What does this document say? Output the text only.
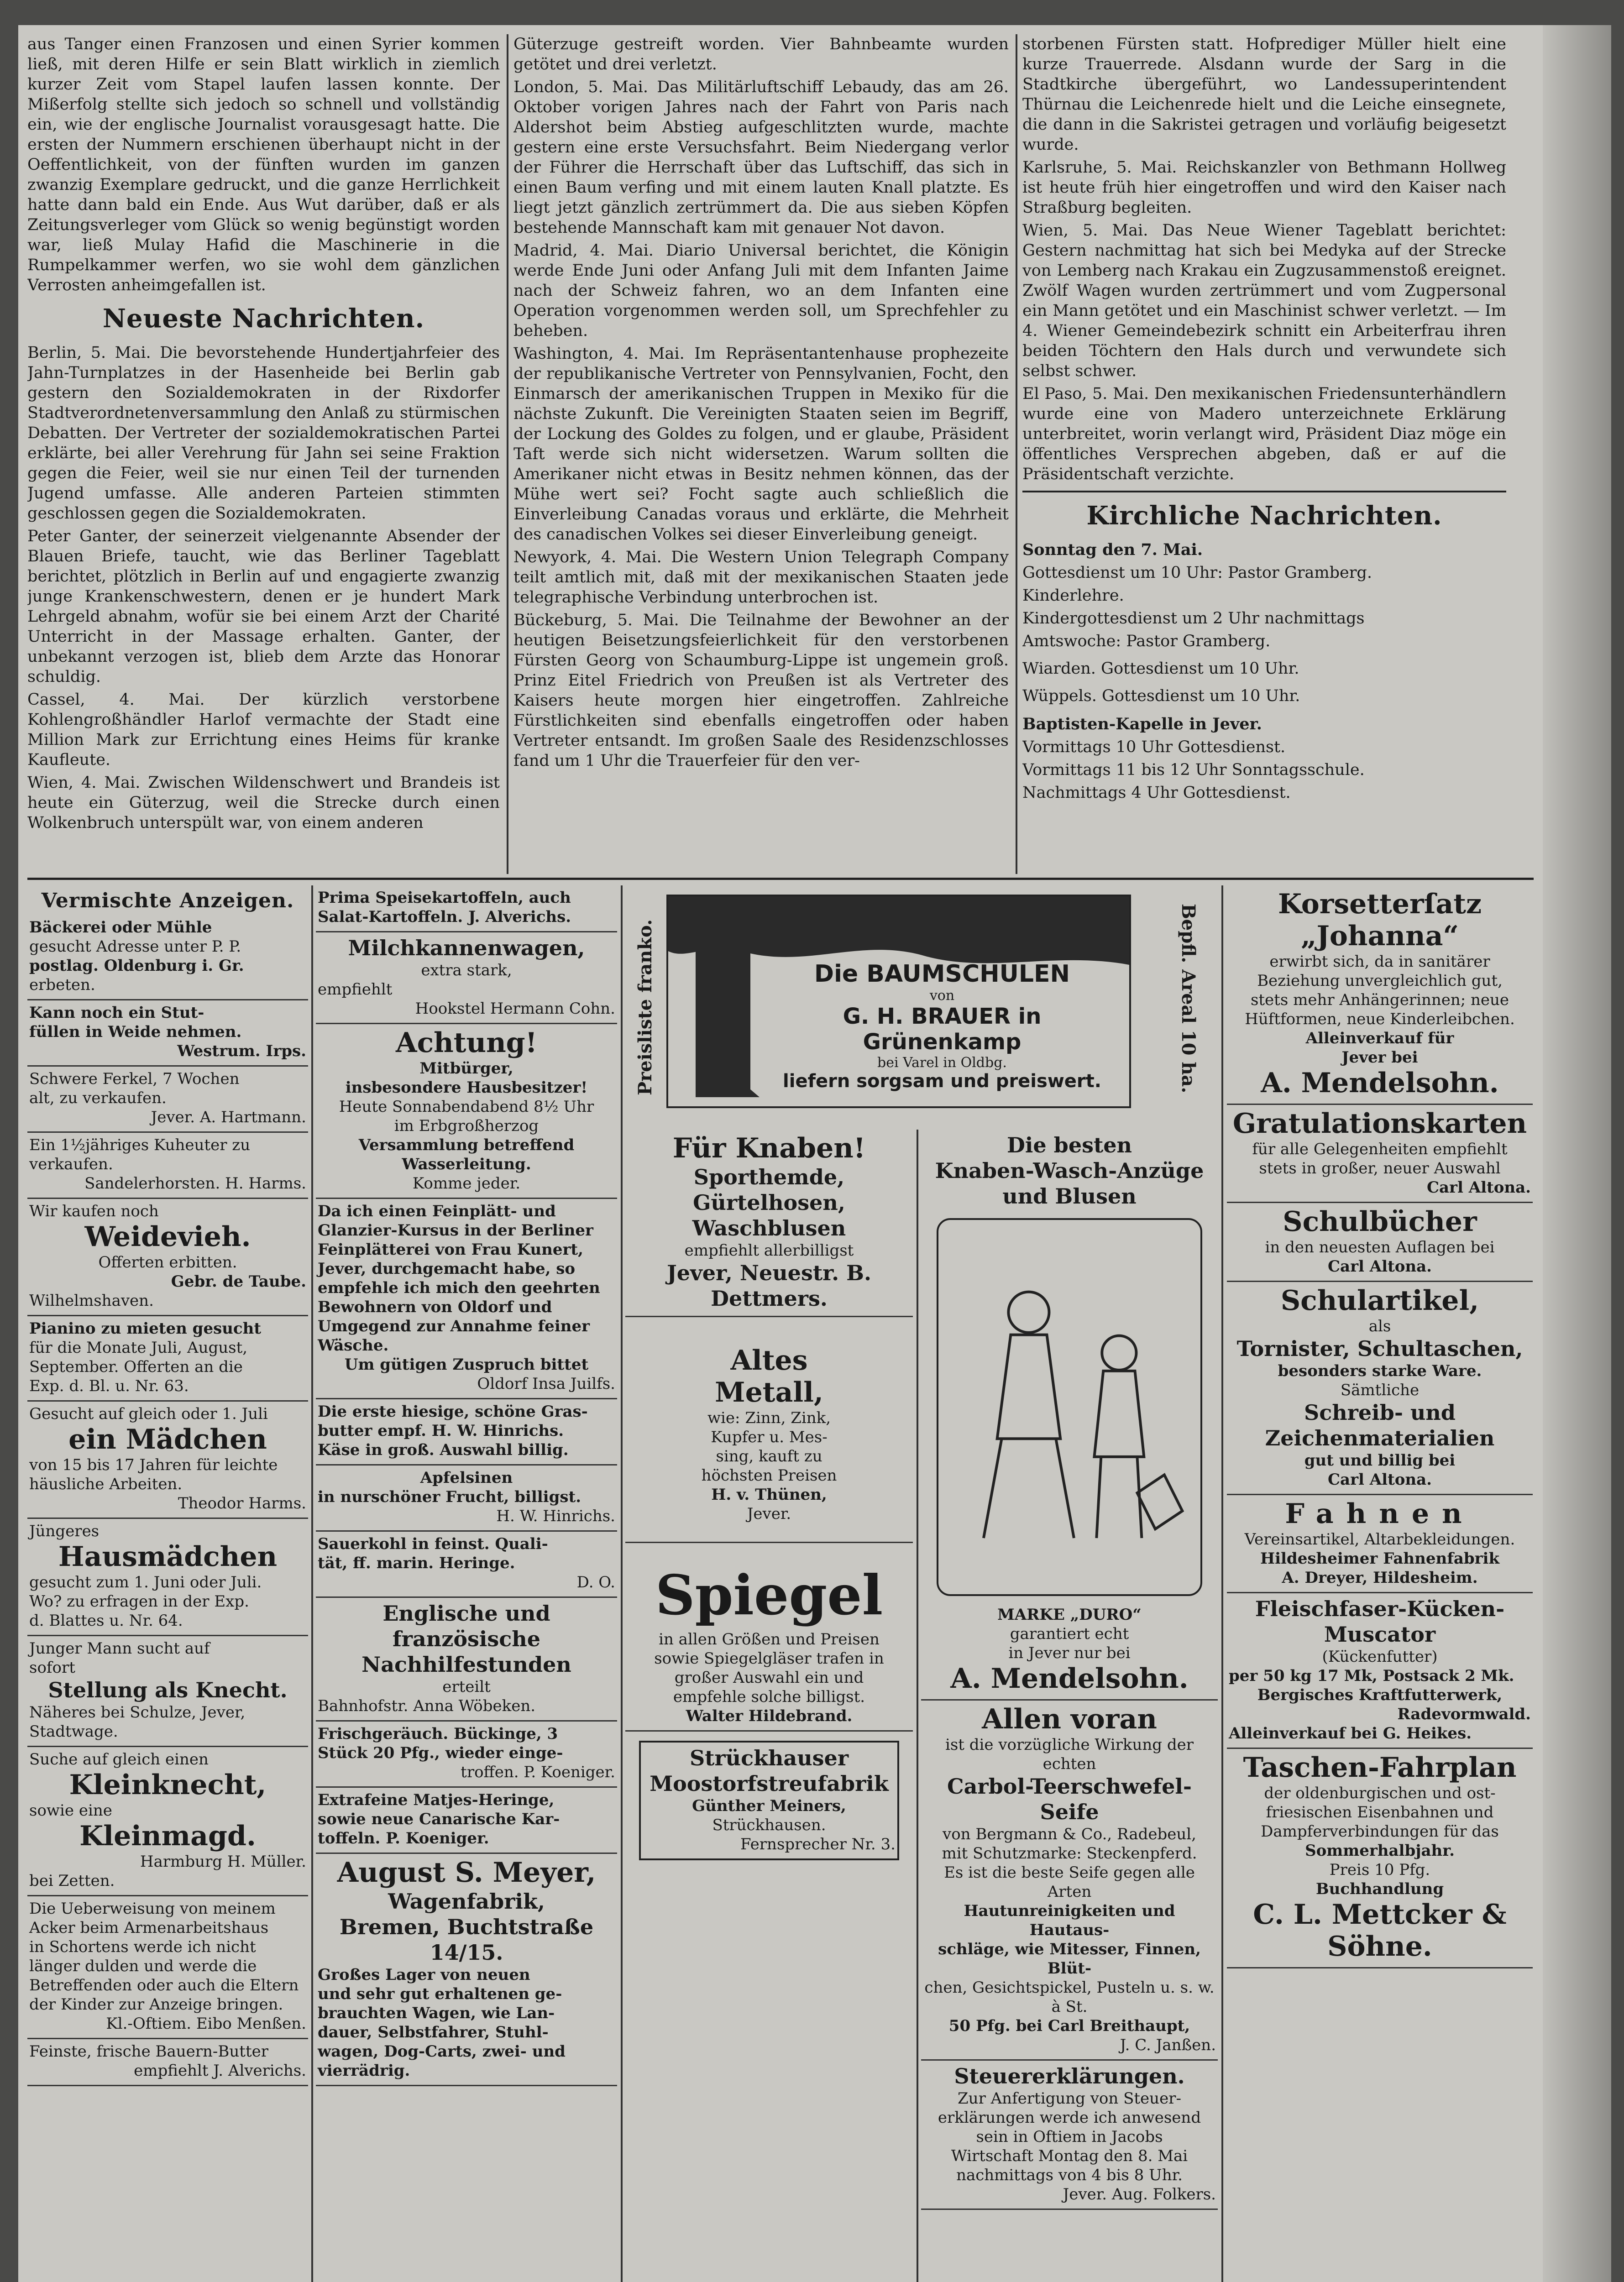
aus Tanger einen Franzosen und einen Syrier kommen ließ, mit deren Hilfe er sein Blatt wirklich in ziemlich kurzer Zeit vom Stapel laufen lassen konnte. Der Mißerfolg stellte sich jedoch so schnell und vollständig ein, wie der englische Journalist vorausgesagt hatte. Die ersten der Nummern erschienen überhaupt nicht in der Oeffentlichkeit, von der fünften wurden im ganzen zwanzig Exemplare gedruckt, und die ganze Herrlichkeit hatte dann bald ein Ende. Aus Wut darüber, daß er als Zeitungsverleger vom Glück so wenig begünstigt worden war, ließ Mulay Hafid die Maschinerie in die Rumpelkammer werfen, wo sie wohl dem gänzlichen Verrosten anheimgefallen ist.

Neueste Nachrichten.

Berlin, 5. Mai. Die bevorstehende Hundertjahrfeier des Jahn-Turnplatzes in der Hasenheide bei Berlin gab gestern den Sozialdemokraten in der Rixdorfer Stadtverordnetenversammlung den Anlaß zu stürmischen Debatten. Der Vertreter der sozialdemokratischen Partei erklärte, bei aller Verehrung für Jahn sei seine Fraktion gegen die Feier, weil sie nur einen Teil der turnenden Jugend umfasse. Alle anderen Parteien stimmten geschlossen gegen die Sozialdemokraten.

Peter Ganter, der seinerzeit vielgenannte Absender der Blauen Briefe, taucht, wie das Berliner Tageblatt berichtet, plötzlich in Berlin auf und engagierte zwanzig junge Krankenschwestern, denen er je hundert Mark Lehrgeld abnahm, wofür sie bei einem Arzt der Charité Unterricht in der Massage erhalten. Ganter, der unbekannt verzogen ist, blieb dem Arzte das Honorar schuldig.

Cassel, 4. Mai. Der kürzlich verstorbene Kohlengroßhändler Harlof vermachte der Stadt eine Million Mark zur Errichtung eines Heims für kranke Kaufleute.

Wien, 4. Mai. Zwischen Wildenschwert und Brandeis ist heute ein Güterzug, weil die Strecke durch einen Wolkenbruch unterspült war, von einem anderen

Güterzuge gestreift worden. Vier Bahnbeamte wurden getötet und drei verletzt.

London, 5. Mai. Das Militärluftschiff Lebaudy, das am 26. Oktober vorigen Jahres nach der Fahrt von Paris nach Aldershot beim Abstieg aufgeschlitzten wurde, machte gestern eine erste Versuchsfahrt. Beim Niedergang verlor der Führer die Herrschaft über das Luftschiff, das sich in einen Baum verfing und mit einem lauten Knall platzte. Es liegt jetzt gänzlich zertrümmert da. Die aus sieben Köpfen bestehende Mannschaft kam mit genauer Not davon.

Madrid, 4. Mai. Diario Universal berichtet, die Königin werde Ende Juni oder Anfang Juli mit dem Infanten Jaime nach der Schweiz fahren, wo an dem Infanten eine Operation vorgenommen werden soll, um Sprechfehler zu beheben.

Washington, 4. Mai. Im Repräsentantenhause prophezeite der republikanische Vertreter von Pennsylvanien, Focht, den Einmarsch der amerikanischen Truppen in Mexiko für die nächste Zukunft. Die Vereinigten Staaten seien im Begriff, der Lockung des Goldes zu folgen, und er glaube, Präsident Taft werde sich nicht widersetzen. Warum sollten die Amerikaner nicht etwas in Besitz nehmen können, das der Mühe wert sei? Focht sagte auch schließlich die Einverleibung Canadas voraus und erklärte, die Mehrheit des canadischen Volkes sei dieser Einverleibung geneigt.

Newyork, 4. Mai. Die Western Union Telegraph Company teilt amtlich mit, daß mit der mexikanischen Staaten jede telegraphische Verbindung unterbrochen ist.

Bückeburg, 5. Mai. Die Teilnahme der Bewohner an der heutigen Beisetzungsfeierlichkeit für den verstorbenen Fürsten Georg von Schaumburg-Lippe ist ungemein groß. Prinz Eitel Friedrich von Preußen ist als Vertreter des Kaisers heute morgen hier eingetroffen. Zahlreiche Fürstlichkeiten sind ebenfalls eingetroffen oder haben Vertreter entsandt. Im großen Saale des Residenzschlosses fand um 1 Uhr die Trauerfeier für den ver-

storbenen Fürsten statt. Hofprediger Müller hielt eine kurze Trauerrede. Alsdann wurde der Sarg in die Stadtkirche übergeführt, wo Landessuperintendent Thürnau die Leichenrede hielt und die Leiche einsegnete, die dann in die Sakristei getragen und vorläufig beigesetzt wurde.

Karlsruhe, 5. Mai. Reichskanzler von Bethmann Hollweg ist heute früh hier eingetroffen und wird den Kaiser nach Straßburg begleiten.

Wien, 5. Mai. Das Neue Wiener Tageblatt berichtet: Gestern nachmittag hat sich bei Medyka auf der Strecke von Lemberg nach Krakau ein Zugzusammenstoß ereignet. Zwölf Wagen wurden zertrümmert und vom Zugpersonal ein Mann getötet und ein Maschinist schwer verletzt. — Im 4. Wiener Gemeindebezirk schnitt ein Arbeiterfrau ihren beiden Töchtern den Hals durch und verwundete sich selbst schwer.

El Paso, 5. Mai. Den mexikanischen Friedensunterhändlern wurde eine von Madero unterzeichnete Erklärung unterbreitet, worin verlangt wird, Präsident Diaz möge ein öffentliches Versprechen abgeben, daß er auf die Präsidentschaft verzichte.

Kirchliche Nachrichten.

Sonntag den 7. Mai.

Gottesdienst um 10 Uhr: Pastor Gramberg.

Kinderlehre.

Kindergottesdienst um 2 Uhr nachmittags

Amtswoche: Pastor Gramberg.

Wiarden. Gottesdienst um 10 Uhr.

Wüppels. Gottesdienst um 10 Uhr.

Baptisten-Kapelle in Jever.

Vormittags 10 Uhr Gottesdienst.

Vormittags 11 bis 12 Uhr Sonntagsschule.

Nachmittags 4 Uhr Gottesdienst.

Vermischte Anzeigen.

Bäckerei oder Mühle

gesucht Adresse unter P. P.

postlag. Oldenburg i. Gr.

erbeten.

Kann noch ein Stut-

füllen in Weide nehmen.

Westrum. Irps.

Schwere Ferkel, 7 Wochen

alt, zu verkaufen.

Jever. A. Hartmann.

Ein 1½jähriges Kuheuter zu

verkaufen.

Sandelerhorsten. H. Harms.

Wir kaufen noch

Weidevieh.

Offerten erbitten.

Gebr. de Taube.

Wilhelmshaven.

Pianino zu mieten gesucht

für die Monate Juli, August,

September. Offerten an die

Exp. d. Bl. u. Nr. 63.

Gesucht auf gleich oder 1. Juli

ein Mädchen

von 15 bis 17 Jahren für leichte

häusliche Arbeiten.

Theodor Harms.

Jüngeres

Hausmädchen

gesucht zum 1. Juni oder Juli.

Wo? zu erfragen in der Exp.

d. Blattes u. Nr. 64.

Junger Mann sucht auf

sofort

Stellung als Knecht.

Näheres bei Schulze, Jever,

Stadtwage.

Suche auf gleich einen

Kleinknecht,

sowie eine

Kleinmagd.

Harmburg H. Müller.

bei Zetten.

Die Ueberweisung von meinem

Acker beim Armenarbeitshaus

in Schortens werde ich nicht

länger dulden und werde die

Betreffenden oder auch die Eltern

der Kinder zur Anzeige bringen.

Kl.-Oftiem. Eibo Menßen.

Feinste, frische Bauern-Butter

empfiehlt J. Alverichs.

Prima Speisekartoffeln, auch

Salat-Kartoffeln. J. Alverichs.

Milchkannenwagen,

extra stark,

empfiehlt

Hookstel Hermann Cohn.

Achtung!

Mitbürger,

insbesondere Hausbesitzer!

Heute Sonnabendabend 8½ Uhr

im Erbgroßherzog

Versammlung betreffend

Wasserleitung.

Komme jeder.

Da ich einen Feinplätt- und

Glanzier-Kursus in der Berliner

Feinplätterei von Frau Kunert,

Jever, durchgemacht habe, so

empfehle ich mich den geehrten

Bewohnern von Oldorf und

Umgegend zur Annahme feiner

Wäsche.

Um gütigen Zuspruch bittet

Oldorf Insa Juilfs.

Die erste hiesige, schöne Gras-

butter empf. H. W. Hinrichs.

Käse in groß. Auswahl billig.

Apfelsinen

in nurschöner Frucht, billigst.

H. W. Hinrichs.

Sauerkohl in feinst. Quali-

tät, ff. marin. Heringe.

D. O.

Englische und französische

Nachhilfestunden

erteilt

Bahnhofstr. Anna Wöbeken.

Frischgeräuch. Bückinge, 3

Stück 20 Pfg., wieder einge-

troffen. P. Koeniger.

Extrafeine Matjes-Heringe,

sowie neue Canarische Kar-

toffeln. P. Koeniger.

August S. Meyer,

Wagenfabrik,

Bremen, Buchtstraße 14/15.

Großes Lager von neuen

und sehr gut erhaltenen ge-

brauchten Wagen, wie Lan-

dauer, Selbstfahrer, Stuhl-

wagen, Dog-Carts, zwei- und

vierrädrig.

Preisliste franko.	Die BAUMSCHULEN
von
G. H. BRAUER in Grünenkamp
bei Varel in Oldbg.
liefern sorgsam und preiswert.	Bepfl. Areal 10 ha.

Für Knaben!

Sporthemde, Gürtelhosen,

Waschblusen

empfiehlt allerbilligst

Jever, Neuestr. B. Dettmers.

Altes

Metall,

wie: Zinn, Zink,

Kupfer u. Mes-

sing, kauft zu

höchsten Preisen

H. v. Thünen,

Jever.

Spiegel

in allen Größen und Preisen

sowie Spiegelgläser trafen in

großer Auswahl ein und

empfehle solche billigst.

Walter Hildebrand.

Strückhauser

Moostorfstreufabrik

Günther Meiners,

Strückhausen.

Fernsprecher Nr. 3.

Die besten

Knaben-Wasch-Anzüge

und Blusen

MARKE „DURO“

garantiert echt

in Jever nur bei

A. Mendelsohn.

Allen voran

ist die vorzügliche Wirkung der echten

Carbol-Teerschwefel-Seife

von Bergmann & Co., Radebeul,

mit Schutzmarke: Steckenpferd.

Es ist die beste Seife gegen alle Arten

Hautunreinigkeiten und Hautaus-

schläge, wie Mitesser, Finnen, Blüt-

chen, Gesichtspickel, Pusteln u. s. w. à St.

50 Pfg. bei Carl Breithaupt,

J. C. Janßen.

Steuererklärungen.

Zur Anfertigung von Steuer-

erklärungen werde ich anwesend

sein in Oftiem in Jacobs

Wirtschaft Montag den 8. Mai

nachmittags von 4 bis 8 Uhr.

Jever. Aug. Folkers.

Korsetterſatz

„Johanna“

erwirbt sich, da in sanitärer

Beziehung unvergleichlich gut,

stets mehr Anhängerinnen; neue

Hüftformen, neue Kinderleibchen.

Alleinverkauf für

Jever bei

A. Mendelsohn.

Gratulationskarten

für alle Gelegenheiten empfiehlt

stets in großer, neuer Auswahl

Carl Altona.

Schulbücher

in den neuesten Auflagen bei

Carl Altona.

Schulartikel,

als

Tornister, Schultaschen,

besonders starke Ware.

Sämtliche

Schreib- und Zeichenmaterialien

gut und billig bei

Carl Altona.

Fahnen

Vereinsartikel, Altarbekleidungen.

Hildesheimer Fahnenfabrik

A. Dreyer, Hildesheim.

Fleischfaser-Kücken-Muscator

(Kückenfutter)

per 50 kg 17 Mk, Postsack 2 Mk.

Bergisches Kraftfutterwerk,

Radevormwald.

Alleinverkauf bei G. Heikes.

Taschen-Fahrplan

der oldenburgischen und ost-

friesischen Eisenbahnen und

Dampferverbindungen für das

Sommerhalbjahr.

Preis 10 Pfg.

Buchhandlung

C. L. Mettcker & Söhne.
